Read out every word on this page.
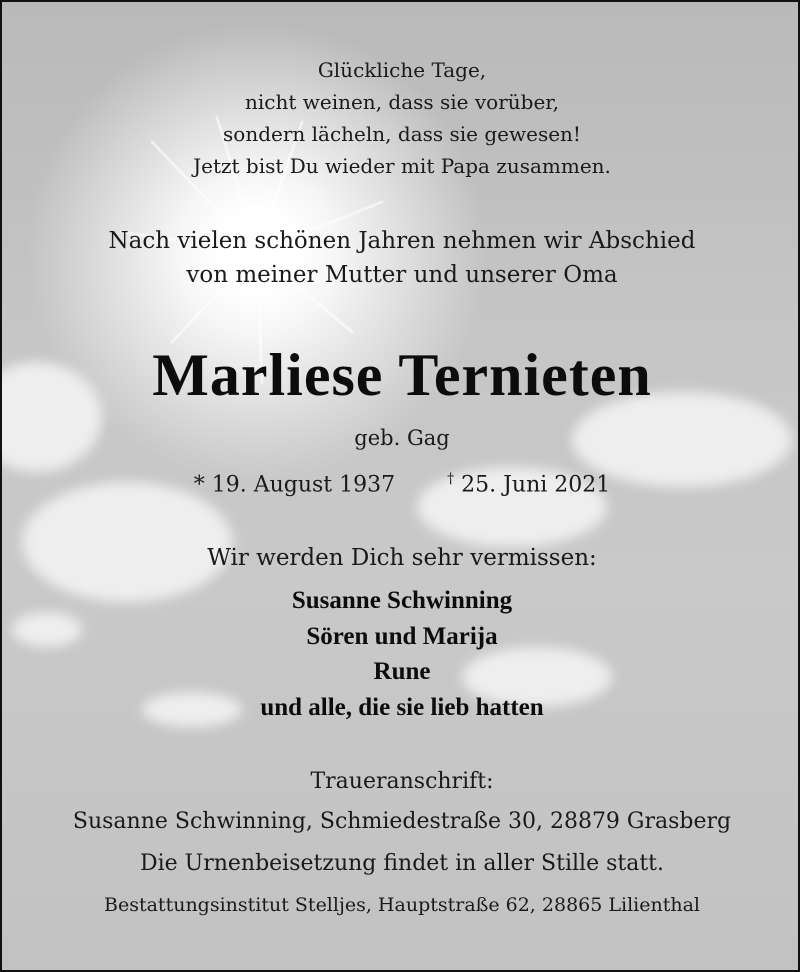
Glückliche Tage,
nicht weinen, dass sie vorüber,
sondern lächeln, dass sie gewesen!
Jetzt bist Du wieder mit Papa zusammen.
Nach vielen schönen Jahren nehmen wir Abschied
von meiner Mutter und unserer Oma
Marliese Ternieten
geb. Gag
* 19. August 1937	† 25. Juni 2021
Wir werden Dich sehr vermissen:
Susanne Schwinning
Sören und Marija
Rune
und alle, die sie lieb hatten
Traueranschrift:
Susanne Schwinning, Schmiedestraße 30, 28879 Grasberg
Die Urnenbeisetzung findet in aller Stille statt.
Bestattungsinstitut Stelljes, Hauptstraße 62, 28865 Lilienthal
